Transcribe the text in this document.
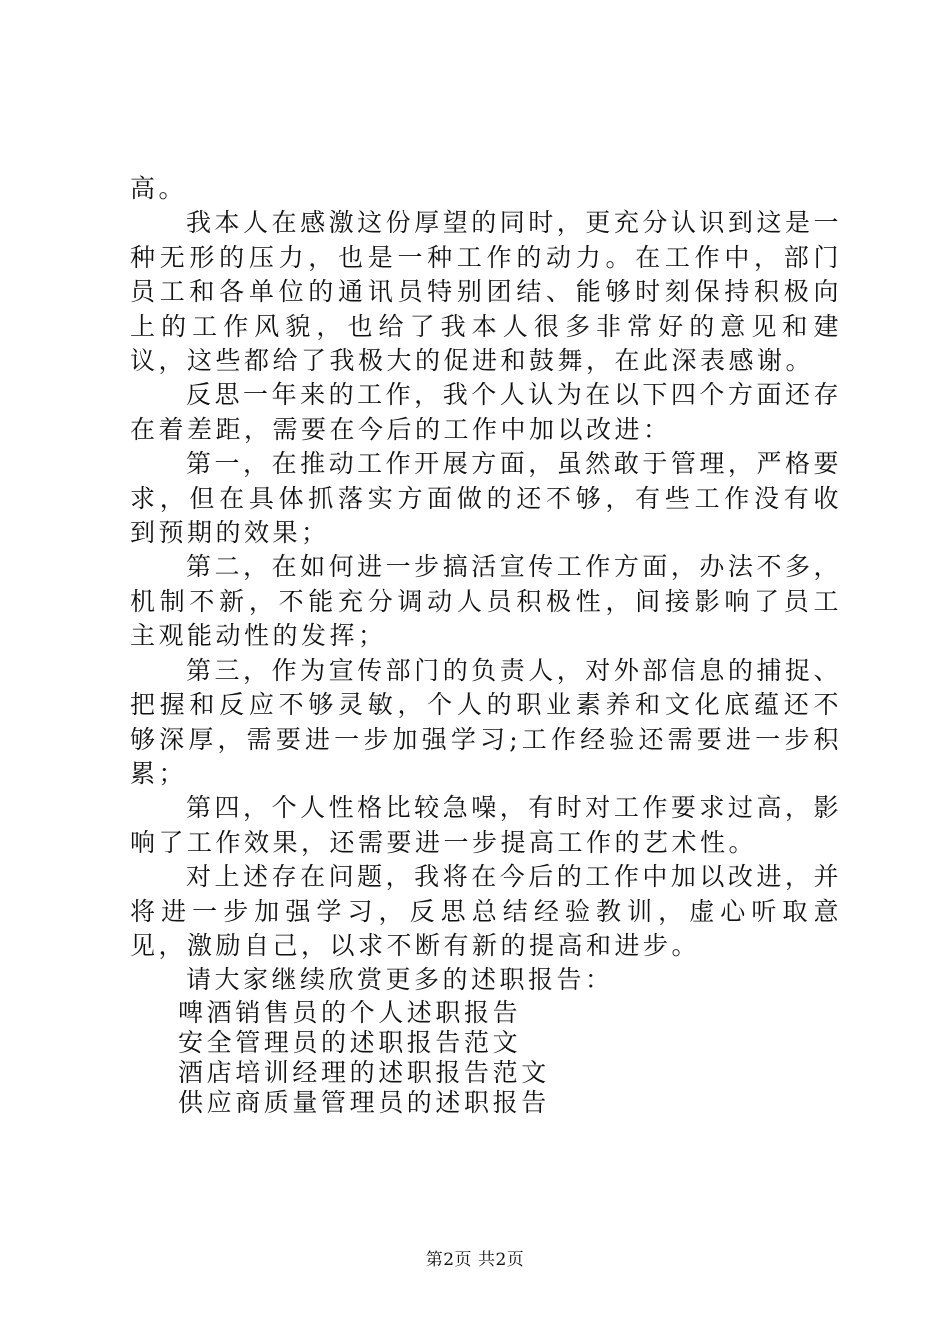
高。

我本人在感激这份厚望的同时，更充分认识到这是一种无形的压力，也是一种工作的动力。在工作中，部门员工和各单位的通讯员特别团结、能够时刻保持积极向上的工作风貌，也给了我本人很多非常好的意见和建议，这些都给了我极大的促进和鼓舞，在此深表感谢。

反思一年来的工作，我个人认为在以下四个方面还存在着差距，需要在今后的工作中加以改进：

第一，在推动工作开展方面，虽然敢于管理，严格要求，但在具体抓落实方面做的还不够，有些工作没有收到预期的效果；

第二，在如何进一步搞活宣传工作方面，办法不多，机制不新，不能充分调动人员积极性，间接影响了员工主观能动性的发挥；

第三，作为宣传部门的负责人，对外部信息的捕捉、把握和反应不够灵敏，个人的职业素养和文化底蕴还不够深厚，需要进一步加强学习;工作经验还需要进一步积累；

第四，个人性格比较急噪，有时对工作要求过高，影响了工作效果，还需要进一步提高工作的艺术性。

对上述存在问题，我将在今后的工作中加以改进，并将进一步加强学习，反思总结经验教训，虚心听取意见，激励自己，以求不断有新的提高和进步。

请大家继续欣赏更多的述职报告：

啤酒销售员的个人述职报告

安全管理员的述职报告范文

酒店培训经理的述职报告范文

供应商质量管理员的述职报告

第2页 共2页
